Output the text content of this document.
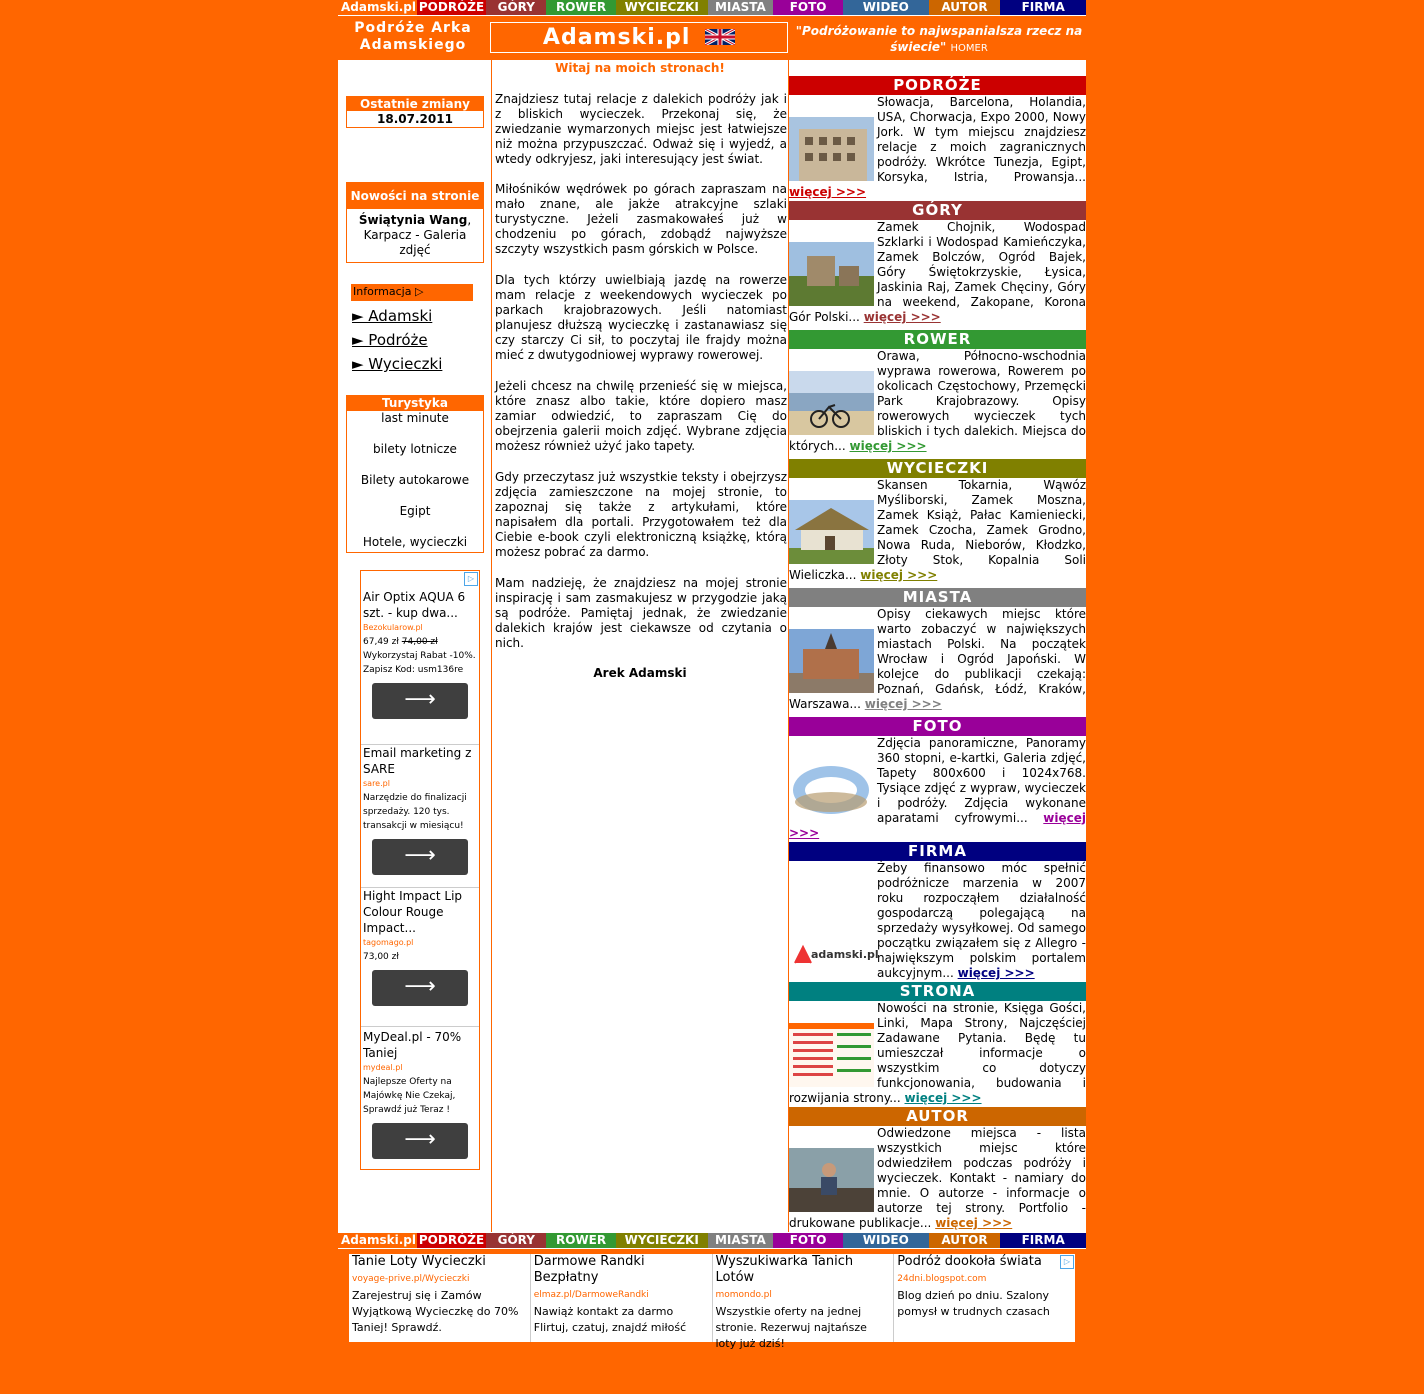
Adamski.pl PODRÓŻE	GÓRY	ROWER	WYCIECZKI	MIASTA	FOTO	WIDEO	AUTOR	FIRMA
Podróże Arka
Adamskiego	Adamski.pl	"Podróżowanie to najwspanialsza rzecz na świecie" HOMER
Ostatnie zmiany
18.07.2011
Nowości na stronie
Świątynia Wang, Karpacz - Galeria zdjęć
Informacja ▷
► Adamski
► Podróże
► Wycieczki
Turystyka
last minute
bilety lotnicze
Bilety autokarowe
Egipt
Hotele, wycieczki
▷
Air Optix AQUA 6 szt. - kup dwa...
Bezokularow.pl
67,49 zł 74,00 zł
Wykorzystaj Rabat -10%. Zapisz Kod: usm136re
⟶
Email marketing z SARE
sare.pl
Narzędzie do finalizacji sprzedaży. 120 tys. transakcji w miesiącu!
⟶
Hight Impact Lip Colour Rouge Impact...
tagomago.pl
73,00 zł
⟶
MyDeal.pl - 70% Taniej
mydeal.pl
Najlepsze Oferty na Majówkę Nie Czekaj, Sprawdź już Teraz !
⟶
Witaj na moich stronach!
Znajdziesz tutaj relacje z dalekich podróży jak i z bliskich wycieczek. Przekonaj się, że zwiedzanie wymarzonych miejsc jest łatwiejsze niż można przypuszczać. Odważ się i wyjedź, a wtedy odkryjesz, jaki interesujący jest świat.
Miłośników wędrówek po górach zapraszam na mało znane, ale jakże atrakcyjne szlaki turystyczne. Jeżeli zasmakowałeś już w chodzeniu po górach, zdobądź najwyższe szczyty wszystkich pasm górskich w Polsce.
Dla tych którzy uwielbiają jazdę na rowerze mam relacje z weekendowych wycieczek po parkach krajobrazowych. Jeśli natomiast planujesz dłuższą wycieczkę i zastanawiasz się czy starczy Ci sił, to poczytaj ile frajdy można mieć z dwutygodniowej wyprawy rowerowej.
Jeżeli chcesz na chwilę przenieść się w miejsca, które znasz albo takie, które dopiero masz zamiar odwiedzić, to zapraszam Cię do obejrzenia galerii moich zdjęć. Wybrane zdjęcia możesz również użyć jako tapety.
Gdy przeczytasz już wszystkie teksty i obejrzysz zdjęcia zamieszczone na mojej stronie, to zapoznaj się także z artykułami, które napisałem dla portali. Przygotowałem też dla Ciebie e-book czyli elektroniczną książkę, którą możesz pobrać za darmo.
Mam nadzieję, że znajdziesz na mojej stronie inspirację i sam zasmakujesz w przygodzie jaką są podróże. Pamiętaj jednak, że zwiedzanie dalekich krajów jest ciekawsze od czytania o nich.
Arek Adamski
PODRÓŻE
Słowacja, Barcelona, Holandia, USA, Chorwacja, Expo 2000, Nowy Jork. W tym miejscu znajdziesz relacje z moich zagranicznych podróży. Wkrótce Tunezja, Egipt, Korsyka, Istria, Prowansja... więcej >>>
GÓRY
Zamek Chojnik, Wodospad Szklarki i Wodospad Kamieńczyka, Zamek Bolczów, Ogród Bajek, Góry Świętokrzyskie, Łysica, Jaskinia Raj, Zamek Chęciny, Góry na weekend, Zakopane, Korona Gór Polski... więcej >>>
ROWER
Orawa, Północno-wschodnia wyprawa rowerowa, Rowerem po okolicach Częstochowy, Przemęcki Park Krajobrazowy. Opisy rowerowych wycieczek tych bliskich i tych dalekich. Miejsca do których... więcej >>>
WYCIECZKI
Skansen Tokarnia, Wąwóz Myśliborski, Zamek Moszna, Zamek Książ, Pałac Kamieniecki, Zamek Czocha, Zamek Grodno, Nowa Ruda, Nieborów, Kłodzko, Złoty Stok, Kopalnia Soli Wieliczka... więcej >>>
MIASTA
Opisy ciekawych miejsc które warto zobaczyć w największych miastach Polski. Na początek Wrocław i Ogród Japoński. W kolejce do publikacji czekają: Poznań, Gdańsk, Łódź, Kraków, Warszawa... więcej >>>
FOTO
Zdjęcia panoramiczne, Panoramy 360 stopni, e-kartki, Galeria zdjęć, Tapety 800x600 i 1024x768. Tysiące zdjęć z wypraw, wycieczek i podróży. Zdjęcia wykonane aparatami cyfrowymi... więcej >>>
FIRMA
adamski.pl
Żeby finansowo móc spełnić podróżnicze marzenia w 2007 roku rozpocząłem działalność gospodarczą polegającą na sprzedaży wysyłkowej. Od samego początku związałem się z Allegro - największym polskim portalem aukcyjnym... więcej >>>
STRONA
Nowości na stronie, Księga Gości, Linki, Mapa Strony, Najczęściej Zadawane Pytania. Będę tu umieszczał informacje o wszystkim co dotyczy funkcjonowania, budowania i rozwijania strony... więcej >>>
AUTOR
Odwiedzone miejsca - lista wszystkich miejsc które odwiedziłem podczas podróży i wycieczek. Kontakt - namiary do mnie. O autorze - informacje o autorze tej strony. Portfolio - drukowane publikacje... więcej >>>
Adamski.pl PODRÓŻE	GÓRY	ROWER	WYCIECZKI	MIASTA	FOTO	WIDEO	AUTOR	FIRMA
Tanie Loty Wycieczki
voyage-prive.pl/Wycieczki
Zarejestruj się i Zamów Wyjątkową Wycieczkę do 70% Taniej! Sprawdź.
Darmowe Randki Bezpłatny
elmaz.pl/DarmoweRandki
Nawiąż kontakt za darmo Flirtuj, czatuj, znajdź miłość
Wyszukiwarka Tanich Lotów
momondo.pl
Wszystkie oferty na jednej stronie. Rezerwuj najtańsze loty już dziś!
▷
Podróż dookoła świata
24dni.blogspot.com
Blog dzień po dniu. Szalony pomysł w trudnych czasach
